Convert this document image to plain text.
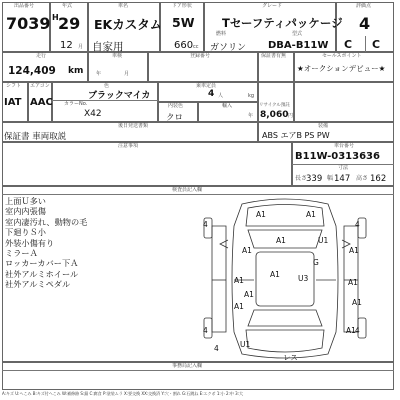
出品番号
7039
年式
H 29
12 月
車名
EKカスタム
自家用
ドア形状
5W
660 cc
グレード
Tセーフティパッケージ
燃料	型式
ガソリン DBA-B11W
評価点
4
C C
走行
124,409 km
車検
年	月
登録番号	保証書有無	セールスポイント
★オークションデビュー★
シフト
IAT
エアコン
AAC
色
ブラックマイカ
カラーNo.
X42
乗車定員
4 人	kg
内装色
クロ
輸入
年
リサイクル預託
8,060 円
後日発送書類
保証書 車両取説
装備
ABS エアB PS PW
注意事項	車台番号
B11W-0313636
寸法
長さ
339 幅 147 高さ 162
検査員記入欄
上面Ｕ多い
室内内張傷
室内凄汚れ、動物の毛
下廻りＳ小
外装小傷有り
ミラーＡ
ロッカーカバー下Ａ
社外アルミホイール
社外アルミペダル
4	4
4	4
4
A1	A1
A1	U1
A1	A1
G
A1 U3
A1	A1
A1
A1
A1
A1
U1
レス
事務局記入欄
A:キズ U:へこみ B:キズ付へこみ W:補修跡 S:錆 C:腐食 P:塗装ムラ X:要交換 XX:交換済 Y:穴・割れ G:石跳ね E:エクボ 1:小 2:中 3:大
